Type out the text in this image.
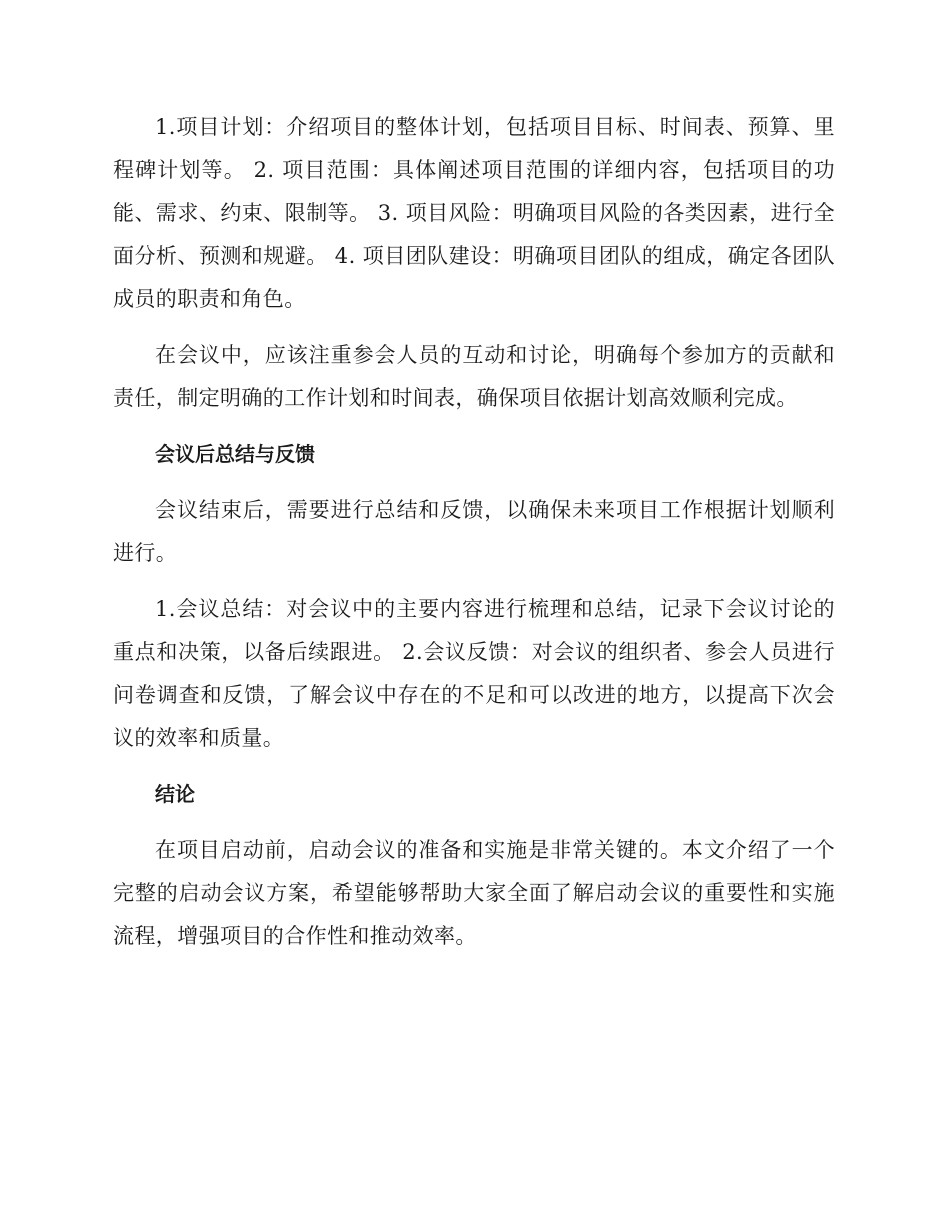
1.项目计划：介绍项目的整体计划，包括项目目标、时间表、预算、里程碑计划等。 2. 项目范围：具体阐述项目范围的详细内容，包括项目的功能、需求、约束、限制等。 3. 项目风险：明确项目风险的各类因素，进行全面分析、预测和规避。 4. 项目团队建设：明确项目团队的组成，确定各团队成员的职责和角色。

在会议中，应该注重参会人员的互动和讨论，明确每个参加方的贡献和责任，制定明确的工作计划和时间表，确保项目依据计划高效顺利完成。

会议后总结与反馈

会议结束后，需要进行总结和反馈，以确保未来项目工作根据计划顺利进行。

1.会议总结：对会议中的主要内容进行梳理和总结，记录下会议讨论的重点和决策，以备后续跟进。 2.会议反馈：对会议的组织者、参会人员进行问卷调查和反馈，了解会议中存在的不足和可以改进的地方，以提高下次会议的效率和质量。

结论

在项目启动前，启动会议的准备和实施是非常关键的。本文介绍了一个完整的启动会议方案，希望能够帮助大家全面了解启动会议的重要性和实施流程，增强项目的合作性和推动效率。
